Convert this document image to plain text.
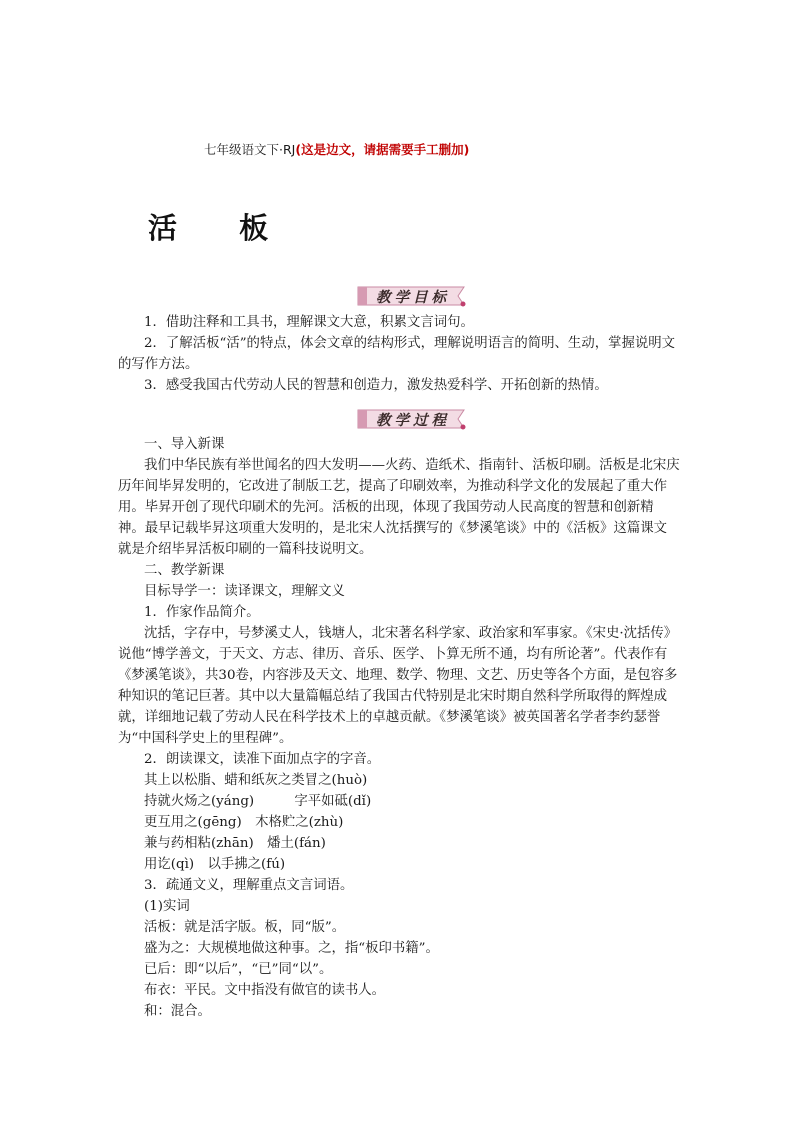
七年级语文下·RJ(这是边文，请据需要手工删加)
活 板
教学目标
教学过程

1．借助注释和工具书，理解课文大意，积累文言词句。

2．了解活板“活”的特点，体会文章的结构形式，理解说明语言的简明、生动，掌握说明文的写作方法。

3．感受我国古代劳动人民的智慧和创造力，激发热爱科学、开拓创新的热情。

一、导入新课

我们中华民族有举世闻名的四大发明——火药、造纸术、指南针、活板印刷。活板是北宋庆历年间毕昇发明的，它改进了制版工艺，提高了印刷效率，为推动科学文化的发展起了重大作用。毕昇开创了现代印刷术的先河。活板的出现，体现了我国劳动人民高度的智慧和创新精神。最早记载毕昇这项重大发明的，是北宋人沈括撰写的《梦溪笔谈》中的《活板》这篇课文就是介绍毕昇活板印刷的一篇科技说明文。

二、教学新课

目标导学一：读译课文，理解文义

1．作家作品简介。

沈括，字存中，号梦溪丈人，钱塘人，北宋著名科学家、政治家和军事家。《宋史·沈括传》说他“博学善文，于天文、方志、律历、音乐、医学、卜算无所不通，均有所论著”。代表作有《梦溪笔谈》，共30卷，内容涉及天文、地理、数学、物理、文艺、历史等各个方面，是包容多种知识的笔记巨著。其中以大量篇幅总结了我国古代特别是北宋时期自然科学所取得的辉煌成就，详细地记载了劳动人民在科学技术上的卓越贡献。《梦溪笔谈》被英国著名学者李约瑟誉为“中国科学史上的里程碑”。

2．朗读课文，读准下面加点字的字音。

其上以松脂、蜡和纸灰之类冒之(huò)

持就火炀之(yáng)　　　字平如砥(dǐ)

更互用之(gēng)　木格贮之(zhù)

兼与药相粘(zhān)　燔土(fán)

用讫(qì)　以手拂之(fú)

3．疏通文义，理解重点文言词语。

(1)实词

活板：就是活字版。板，同“版”。

盛为之：大规模地做这种事。之，指“板印书籍”。

已后：即“以后”，“已”同“以”。

布衣：平民。文中指没有做官的读书人。

和：混合。
